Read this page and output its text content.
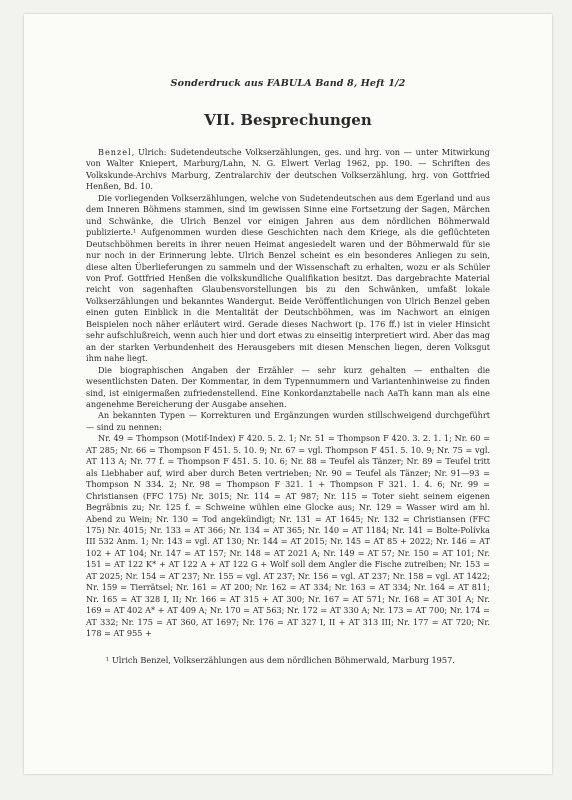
Sonderdruck aus FABULA Band 8, Heft 1/2
VII. Besprechungen

Benzel, Ulrich: Sudetendeutsche Volkserzählungen, ges. und hrg. von — unter Mitwirkung von Walter Kniepert, Marburg/Lahn, N. G. Elwert Verlag 1962, pp. 190. — Schriften des Volkskunde-Archivs Marburg, Zentralarchiv der deutschen Volkserzählung, hrg. von Gottfried Henßen, Bd. 10.

Die vorliegenden Volkserzählungen, welche von Sudetendeutschen aus dem Egerland und aus dem Inneren Böhmens stammen, sind im gewissen Sinne eine Fortsetzung der Sagen, Märchen und Schwänke, die Ulrich Benzel vor einigen Jahren aus dem nördlichen Böhmerwald publizierte.¹ Aufgenommen wurden diese Geschichten nach dem Kriege, als die geflüchteten Deutschböhmen bereits in ihrer neuen Heimat angesiedelt waren und der Böhmerwald für sie nur noch in der Erinnerung lebte. Ulrich Benzel scheint es ein besonderes Anliegen zu sein, diese alten Überlieferungen zu sammeln und der Wissenschaft zu erhalten, wozu er als Schüler von Prof. Gottfried Henßen die volkskundliche Qualifikation besitzt. Das dargebrachte Material reicht von sagenhaften Glaubensvorstellungen bis zu den Schwänken, umfaßt lokale Volkserzählungen und bekanntes Wandergut. Beide Veröffentlichungen von Ulrich Benzel geben einen guten Einblick in die Mentalität der Deutschböhmen, was im Nachwort an einigen Beispielen noch näher erläutert wird. Gerade dieses Nachwort (p. 176 ff.) ist in vieler Hinsicht sehr aufschlußreich, wenn auch hier und dort etwas zu einseitig interpretiert wird. Aber das mag an der starken Verbundenheit des Herausgebers mit diesen Menschen liegen, deren Volksgut ihm nahe liegt.

Die biographischen Angaben der Erzähler — sehr kurz gehalten — enthalten die wesentlichsten Daten. Der Kommentar, in dem Typennummern und Variantenhinweise zu finden sind, ist einigermaßen zufriedenstellend. Eine Konkordanztabelle nach AaTh kann man als eine angenehme Bereicherung der Ausgabe ansehen.

An bekannten Typen — Korrekturen und Ergänzungen wurden stillschweigend durchgeführt — sind zu nennen:

Nr. 49 = Thompson (Motif-Index) F 420. 5. 2. 1; Nr. 51 = Thompson F 420. 3. 2. 1. 1; Nr. 60 = AT 285; Nr. 66 = Thompson F 451. 5. 10. 9; Nr. 67 = vgl. Thompson F 451. 5. 10. 9; Nr. 75 = vgl. AT 113 A; Nr. 77 f. = Thompson F 451. 5. 10. 6; Nr. 88 = Teufel als Tänzer; Nr. 89 = Teufel tritt als Liebhaber auf, wird aber durch Beten vertrieben; Nr. 90 = Teufel als Tänzer; Nr. 91—93 = Thompson N 334. 2; Nr. 98 = Thompson F 321. 1 + Thompson F 321. 1. 4. 6; Nr. 99 = Christiansen (FFC 175) Nr. 3015; Nr. 114 = AT 987; Nr. 115 = Toter sieht seinem eigenen Begräbnis zu; Nr. 125 f. = Schweine wühlen eine Glocke aus; Nr. 129 = Wasser wird am hl. Abend zu Wein; Nr. 130 = Tod angekündigt; Nr. 131 = AT 1645; Nr. 132 = Christiansen (FFC 175) Nr. 4015; Nr. 133 = AT 366; Nr. 134 = AT 365; Nr. 140 = AT 1184; Nr. 141 = Bolte-Polívka III 532 Anm. 1; Nr. 143 = vgl. AT 130; Nr. 144 = AT 2015; Nr. 145 = AT 85 + 2022; Nr. 146 = AT 102 + AT 104; Nr. 147 = AT 157; Nr. 148 = AT 2021 A; Nr. 149 = AT 57; Nr. 150 = AT 101; Nr. 151 = AT 122 K* + AT 122 A + AT 122 G + Wolf soll dem Angler die Fische zutreiben; Nr. 153 = AT 2025; Nr. 154 = AT 237; Nr. 155 = vgl. AT 237; Nr. 156 = vgl. AT 237; Nr. 158 = vgl. AT 1422; Nr. 159 = Tierrätsel; Nr. 161 = AT 200; Nr. 162 = AT 334; Nr. 163 = AT 334; Nr. 164 = AT 811; Nr. 165 = AT 328 I, II; Nr. 166 = AT 315 + AT 300; Nr. 167 = AT 571; Nr. 168 = AT 301 A; Nr. 169 = AT 402 A* + AT 409 A; Nr. 170 = AT 563; Nr. 172 = AT 330 A; Nr. 173 = AT 700; Nr. 174 = AT 332; Nr. 175 = AT 360, AT 1697; Nr. 176 = AT 327 I, II + AT 313 III; Nr. 177 = AT 720; Nr. 178 = AT 955 +

¹ Ulrich Benzel, Volkserzählungen aus dem nördlichen Böhmerwald, Marburg 1957.
